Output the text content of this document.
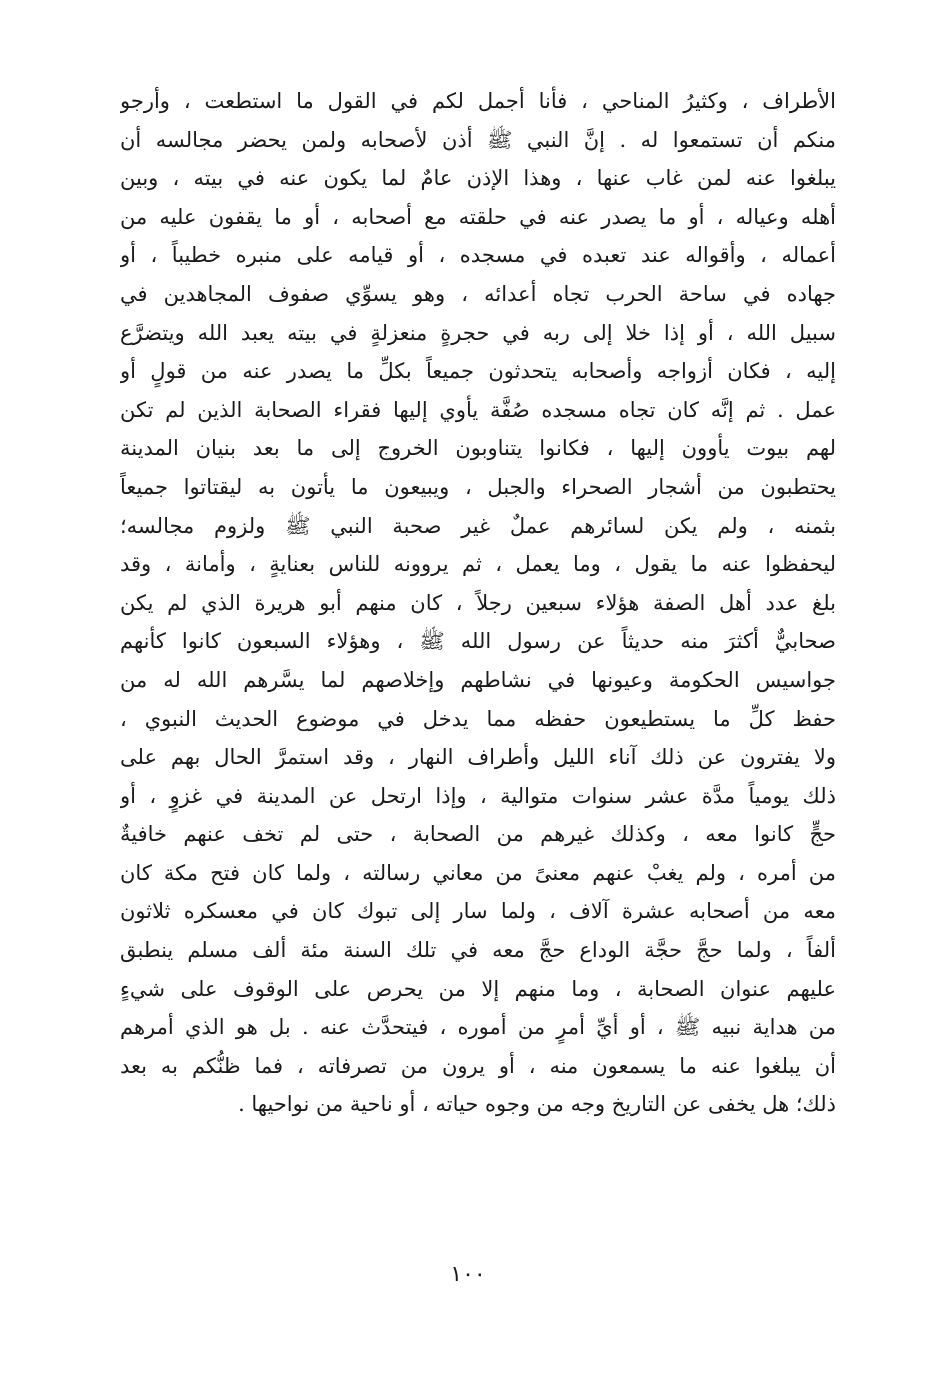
الأطراف ، وكثيرُ المناحي ، فأنا أجمل لكم في القول ما استطعت ، وأرجو
منكم أن تستمعوا له . إنَّ النبي ﷺ أذن لأصحابه ولمن يحضر مجالسه أن
يبلغوا عنه لمن غاب عنها ، وهذا الإذن عامٌ لما يكون عنه في بيته ، وبين
أهله وعياله ، أو ما يصدر عنه في حلقته مع أصحابه ، أو ما يقفون عليه من
أعماله ، وأقواله عند تعبده في مسجده ، أو قيامه على منبره خطيباً ، أو
جهاده في ساحة الحرب تجاه أعدائه ، وهو يسوِّي صفوف المجاهدين في
سبيل الله ، أو إذا خلا إلى ربه في حجرةٍ منعزلةٍ في بيته يعبد الله ويتضرَّع
إليه ، فكان أزواجه وأصحابه يتحدثون جميعاً بكلِّ ما يصدر عنه من قولٍ أو
عمل . ثم إنَّه كان تجاه مسجده صُفَّة يأوي إليها فقراء الصحابة الذين لم تكن
لهم بيوت يأوون إليها ، فكانوا يتناوبون الخروج إلى ما بعد بنيان المدينة
يحتطبون من أشجار الصحراء والجبل ، ويبيعون ما يأتون به ليقتاتوا جميعاً
بثمنه ، ولم يكن لسائرهم عملٌ غير صحبة النبي ﷺ ولزوم مجالسه؛
ليحفظوا عنه ما يقول ، وما يعمل ، ثم يروونه للناس بعنايةٍ ، وأمانة ، وقد
بلغ عدد أهل الصفة هؤلاء سبعين رجلاً ، كان منهم أبو هريرة الذي لم يكن
صحابيٌّ أكثرَ منه حديثاً عن رسول الله ﷺ ، وهؤلاء السبعون كانوا كأنهم
جواسيس الحكومة وعيونها في نشاطهم وإخلاصهم لما يسَّرهم الله له من
حفظ كلِّ ما يستطيعون حفظه مما يدخل في موضوع الحديث النبوي ،
ولا يفترون عن ذلك آناء الليل وأطراف النهار ، وقد استمرَّ الحال بهم على
ذلك يومياً مدَّة عشر سنوات متوالية ، وإذا ارتحل عن المدينة في غزوٍ ، أو
حجٍّ كانوا معه ، وكذلك غيرهم من الصحابة ، حتى لم تخف عنهم خافيةٌ
من أمره ، ولم يغبْ عنهم معنىً من معاني رسالته ، ولما كان فتح مكة كان
معه من أصحابه عشرة آلاف ، ولما سار إلى تبوك كان في معسكره ثلاثون
ألفاً ، ولما حجَّ حجَّة الوداع حجَّ معه في تلك السنة مئة ألف مسلم ينطبق
عليهم عنوان الصحابة ، وما منهم إلا من يحرص على الوقوف على شيءٍ
من هداية نبيه ﷺ ، أو أيِّ أمرٍ من أموره ، فيتحدَّث عنه . بل هو الذي أمرهم
أن يبلغوا عنه ما يسمعون منه ، أو يرون من تصرفاته ، فما ظنُّكم به بعد
ذلك؛ هل يخفى عن التاريخ وجه من وجوه حياته ، أو ناحية من نواحيها .
١٠٠
